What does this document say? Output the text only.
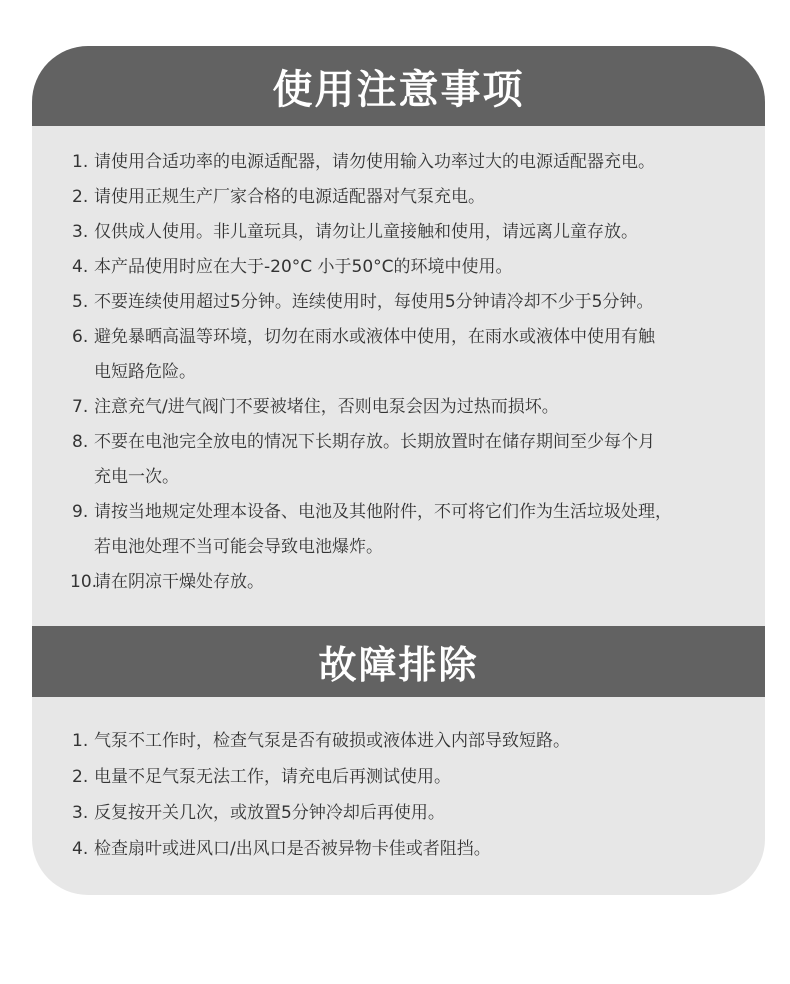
使用注意事项
1. 请使用合适功率的电源适配器，请勿使用输入功率过大的电源适配器充电。
2. 请使用正规生产厂家合格的电源适配器对气泵充电。
3. 仅供成人使用。非儿童玩具，请勿让儿童接触和使用，请远离儿童存放。
4. 本产品使用时应在大于-20°C 小于50°C的环境中使用。
5. 不要连续使用超过5分钟。连续使用时，每使用5分钟请冷却不少于5分钟。
6. 避免暴晒高温等环境，切勿在雨水或液体中使用，在雨水或液体中使用有触
电短路危险。
7. 注意充气/进气阀门不要被堵住，否则电泵会因为过热而损坏。
8. 不要在电池完全放电的情况下长期存放。长期放置时在储存期间至少每个月
充电一次。
9. 请按当地规定处理本设备、电池及其他附件，不可将它们作为生活垃圾处理，
若电池处理不当可能会导致电池爆炸。
10.
请在阴凉干燥处存放。
故障排除
1. 气泵不工作时，检查气泵是否有破损或液体进入内部导致短路。
2. 电量不足气泵无法工作，请充电后再测试使用。
3. 反复按开关几次，或放置5分钟冷却后再使用。
4. 检查扇叶或进风口/出风口是否被异物卡佳或者阻挡。
